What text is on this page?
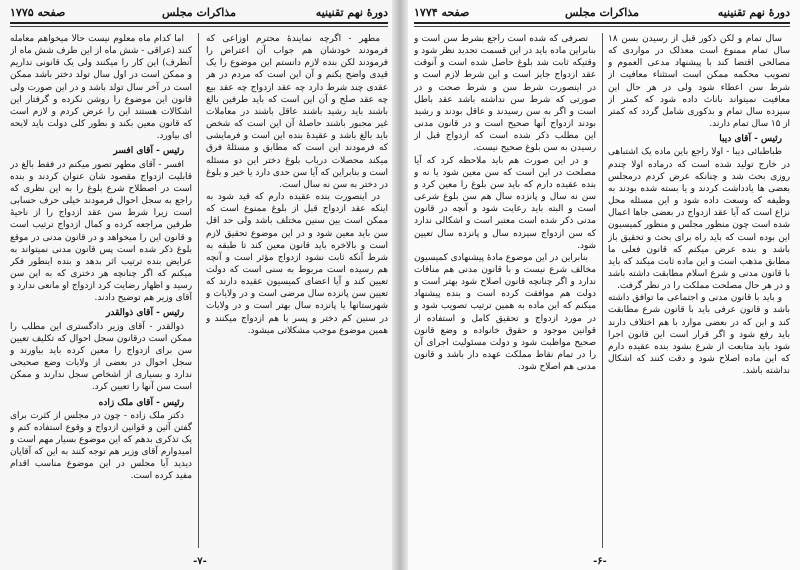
دورهٔ نهم تقنینیه
مذاکرات مجلس
صفحه ۱۷۷۵

مطهر - اگرچه نمایندهٔ محترم اوزاعی که فرمودند خودشان هم جواب آن اعتراض را فرمودند لکن بنده لازم دانستم این موضوع را یک قیدی واضح بکنم و آن این است که مردم در هر عقدی چند شرط دارد چه عقد ازدواج چه عقد بیع چه عقد صلح و آن این است که باید طرفین بالغ باشند باید رشید باشند عاقل باشند در معاملات غیر مجبور باشند حاصلهٔ آن این است که شخص باید بالغ باشد و عقیدهٔ بنده این است و فرمایشی که فرمودند این است که مطابق و مسئلهٔ فرق میکند محصلات درباب بلوغ دختر این دو مسئله است و بنابراین که آیا سن حدی دارد یا خیر و بلوغ در دختر به سن نه سال است.

در اینصورت بنده عقیده دارم که قید شود به اینکه عقد ازدواج قبل از بلوغ ممنوع است که ممکن است بین سنین مختلف باشد ولی حد اقل سن باید معین شود و در این موضوع تحقیق لازم است و بالاخره باید قانون معین کند تا طبقه به شرط آنکه ثابت نشود ازدواج مؤثر است و آنچه هم رسیده است مربوط به سنی است که دولت تعیین کند و آیا اعضای کمیسیون عقیده دارند که تعیین سن پانزده سال مرضی است و در ولایات و شهرستانها یا پانزده سال بهتر است و در ولایات در سنین کم دختر و پسر با هم ازدواج میکنند و همین موضوع موجب مشکلاتی میشود.

اما کدام ماه معلوم نیست حالا میخواهم معامله کنند (عراقی - شش ماه از این طرف شش ماه از آنطرف) این کار را میکنند ولی یک قانونی نداریم و ممکن است در اول سال تولد دختر باشد ممکن است در آخر سال تولد باشد و در این صورت ولی قانون این موضوع را روشن نکرده و گرفتار این اشکالات هستند این را عرض کردم و لازم است که قانون معین بکند و بطور کلی دولت باید لایحه ای بیاورد.

رئیس - آقای افسر

افسر - آقای مطهر تصور میکنم در فقط بالغ در قابلیت ازدواج مقصود شان عنوان کردند و بنده است در اصطلاح شرع بلوغ را به این نظری که راجع به سجل احوال فرمودند خیلی حرف حسابی است زیرا شرط سن عقد ازدواج را از ناحیهٔ طرفین مراجعه کرده و کمال ازدواج ترتیب است و قانون این را میخواهد و در قانون مدنی در موقع بلوغ ذکر شده است پس قانون مدنی نمیتواند به عرایض بنده ترتیب اثر بدهد و بنده اینطور فکر میکنم که اگر چنانچه هر دختری که به این سن رسید و اظهار رضایت کرد ازدواج او مانعی ندارد و آقای وزیر هم توضیح دادند.

رئیس - آقای ذوالقدر

ذوالقدر - آقای وزیر دادگستری این مطلب را ممکن است درقانون سجل احوال که تکلیف تعیین سن برای ازدواج را معین کرده باید بیاورند و سجل احوال در بعضی از ولایات وضع صحیحی ندارد و بسیاری از اشخاص سجل ندارند و ممکن است سن آنها را تعیین کرد.

رئیس - آقای ملک زاده

دکتر ملک زاده - چون در مجلس از کثرت برای گفتن آئین و قوانین ازدواج و وقوع استفاده کنم و یک تذکری بدهم که این موضوع بسیار مهم است و امیدوارم آقای وزیر هم توجه کنند به این که آقایان دیدید آیا مجلس در این موضوع مناسب اقدام مفید کرده است.

-۷-
دورهٔ نهم تقنینیه
مذاکرات مجلس
صفحه ۱۷۷۴

سال تمام و لکن ذکور قبل از رسیدن بسن ۱۸ سال تمام ممنوع است معذلک در مواردی که مصالحی اقتضا کند با پیشنهاد مدعی العموم و تصویب محکمه ممکن است استثناء معافیت از شرط سن اعطاء شود ولی در هر حال این معافیت نمیتواند باناث داده شود که کمتر از سیزده سال تمام و بذکوری شامل گردد که کمتر از ۱۵ سال تمام دارند.

رئیس - آقای دیبا

طباطبائی دیبا - اولا راجع باین ماده یک اشتباهی در خارج تولید شده است که درماده اولا چندم روزی بحث شد و چنانکه عرض کردم درمجلس بعضی ها یادداشت کردند و یا بسته شده بودند به وظیفه که وسعت داده شود و این مسئله محل نزاع است که آیا عقد ازدواج در بعضی جاها اعمال شده است چون منظور مجلس و منظور کمیسیون این بوده است که باید راه برای بحث و تحقیق باز باشد و بنده عرض میکنم که قانون فعلی ما مطابق مذهب است و این ماده ثابت میکند که باید با قانون مدنی و شرع اسلام مطابقت داشته باشد و در هر حال مصلحت مملکت را در نظر گرفت.

و باید با قانون مدنی و اجتماعی ما توافق داشته باشد و قانون عرفی باید با قانون شرع مطابقت کند و این که در بعضی موارد با هم اختلاف دارند باید رفع شود و اگر قرار است این قانون اجرا شود باید متابعت از شرع بشود بنده عقیده دارم که این ماده اصلاح شود و دقت کنند که اشکال نداشته باشد.

تصرفی که شده است راجع بشرط سن است و بنابراین ماده باید در این قسمت تجدید نظر شود و وقتیکه ثابت شد بلوغ حاصل شده است و آنوقت عقد ازدواج جایز است و این شرط لازم است و در اینصورت شرط سن و شرط صحت و در صورتی که شرط سن نداشته باشد عقد باطل است و اگر به سن رسیدند و عاقل بودند و رشید بودند ازدواج آنها صحیح است و در قانون مدنی این مطلب ذکر شده است که ازدواج قبل از رسیدن به سن بلوغ صحیح نیست.

و در این صورت هم باید ملاحظه کرد که آیا مصلحت در این است که سن معین شود یا نه و بنده عقیده دارم که باید سن بلوغ را معین کرد و سن نه سال و پانزده سال هم سن بلوغ شرعی است و البته باید رعایت شود و آنچه در قانون مدنی ذکر شده است معتبر است و اشکالی ندارد که سن ازدواج سیزده سال و پانزده سال تعیین شود.

بنابراین در این موضوع مادهٔ پیشنهادی کمیسیون مخالف شرع نیست و با قانون مدنی هم منافات ندارد و اگر چنانچه قانون اصلاح شود بهتر است و دولت هم موافقت کرده است و بنده پیشنهاد میکنم که این ماده به همین ترتیب تصویب شود و در مورد ازدواج و تحقیق کامل و استفاده از قوانین موجود و حقوق خانواده و وضع قانون صحیح مواظبت شود و دولت مسئولیت اجرای آن را در تمام نقاط مملکت عهده دار باشد و قانون مدنی هم اصلاح شود.

-۶-
